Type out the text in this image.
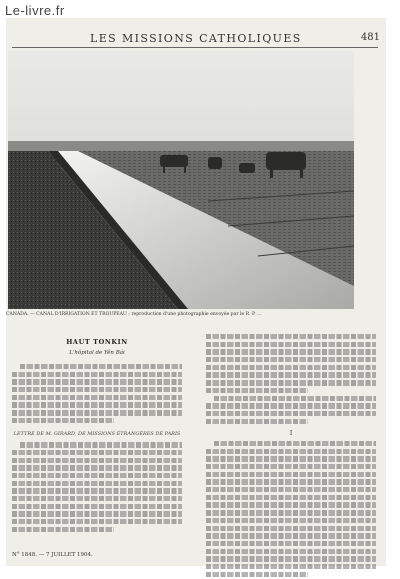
Le-livre.fr
LES MISSIONS CATHOLIQUES	481
CANADA. — CANAL D'IRRIGATION ET TROUPEAU ; reproduction d'une photographie envoyée par le R. P. …
HAUT TONKIN
L'hôpital de Yên Bái
LETTRE DE M. GIRARD, DE MISSIONS ÉTRANGÈRES DE PARIS	I
N° 1848. — 7 JUILLET 1904.
